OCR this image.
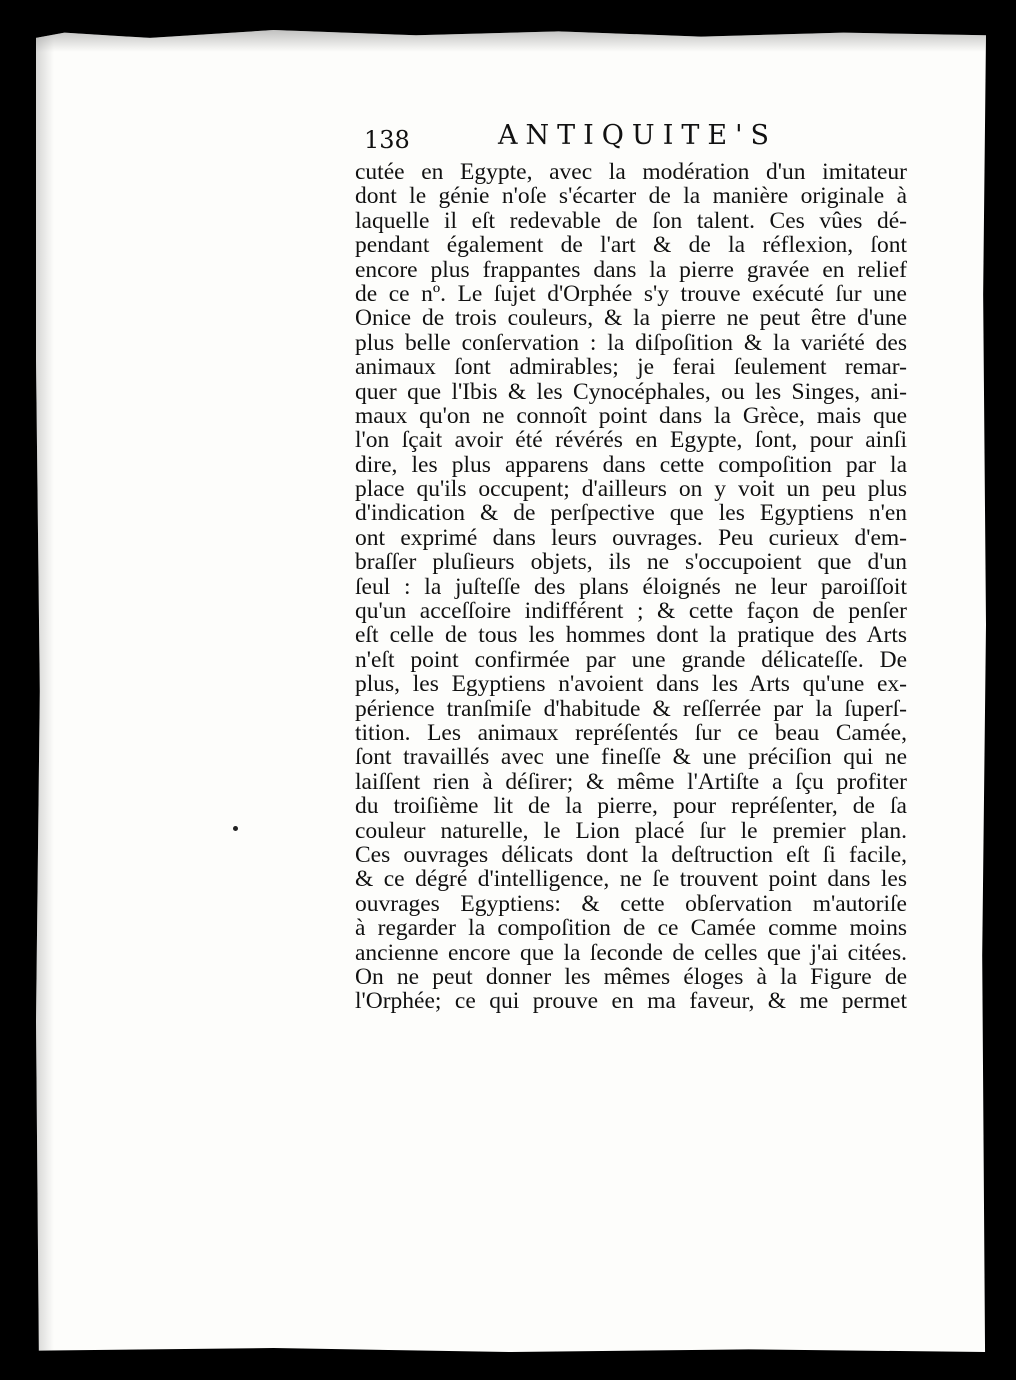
138	ANTIQUITE'S
cutée en Egypte, avec la modération d'un imitateur
dont le génie n'oſe s'écarter de la manière originale à
laquelle il eſt redevable de ſon talent. Ces vûes dé-
pendant également de l'art & de la réflexion, ſont
encore plus frappantes dans la pierre gravée en relief
de ce nº. Le ſujet d'Orphée s'y trouve exécuté ſur une
Onice de trois couleurs, & la pierre ne peut être d'une
plus belle conſervation : la diſpoſition & la variété des
animaux ſont admirables; je ferai ſeulement remar-
quer que l'Ibis & les Cynocéphales, ou les Singes, ani-
maux qu'on ne connoît point dans la Grèce, mais que
l'on ſçait avoir été révérés en Egypte, ſont, pour ainſi
dire, les plus apparens dans cette compoſition par la
place qu'ils occupent; d'ailleurs on y voit un peu plus
d'indication & de perſpective que les Egyptiens n'en
ont exprimé dans leurs ouvrages. Peu curieux d'em-
braſſer pluſieurs objets, ils ne s'occupoient que d'un
ſeul : la juſteſſe des plans éloignés ne leur paroiſſoit
qu'un acceſſoire indifférent ; & cette façon de penſer
eſt celle de tous les hommes dont la pratique des Arts
n'eſt point confirmée par une grande délicateſſe. De
plus, les Egyptiens n'avoient dans les Arts qu'une ex-
périence tranſmiſe d'habitude & reſſerrée par la ſuperſ-
tition. Les animaux repréſentés ſur ce beau Camée,
ſont travaillés avec une fineſſe & une préciſion qui ne
laiſſent rien à déſirer; & même l'Artiſte a ſçu profiter
du troiſième lit de la pierre, pour repréſenter, de ſa
couleur naturelle, le Lion placé ſur le premier plan.
Ces ouvrages délicats dont la deſtruction eſt ſi facile,
& ce dégré d'intelligence, ne ſe trouvent point dans les
ouvrages Egyptiens: & cette obſervation m'autoriſe
à regarder la compoſition de ce Camée comme moins
ancienne encore que la ſeconde de celles que j'ai citées.
On ne peut donner les mêmes éloges à la Figure de
l'Orphée; ce qui prouve en ma faveur, & me permet
